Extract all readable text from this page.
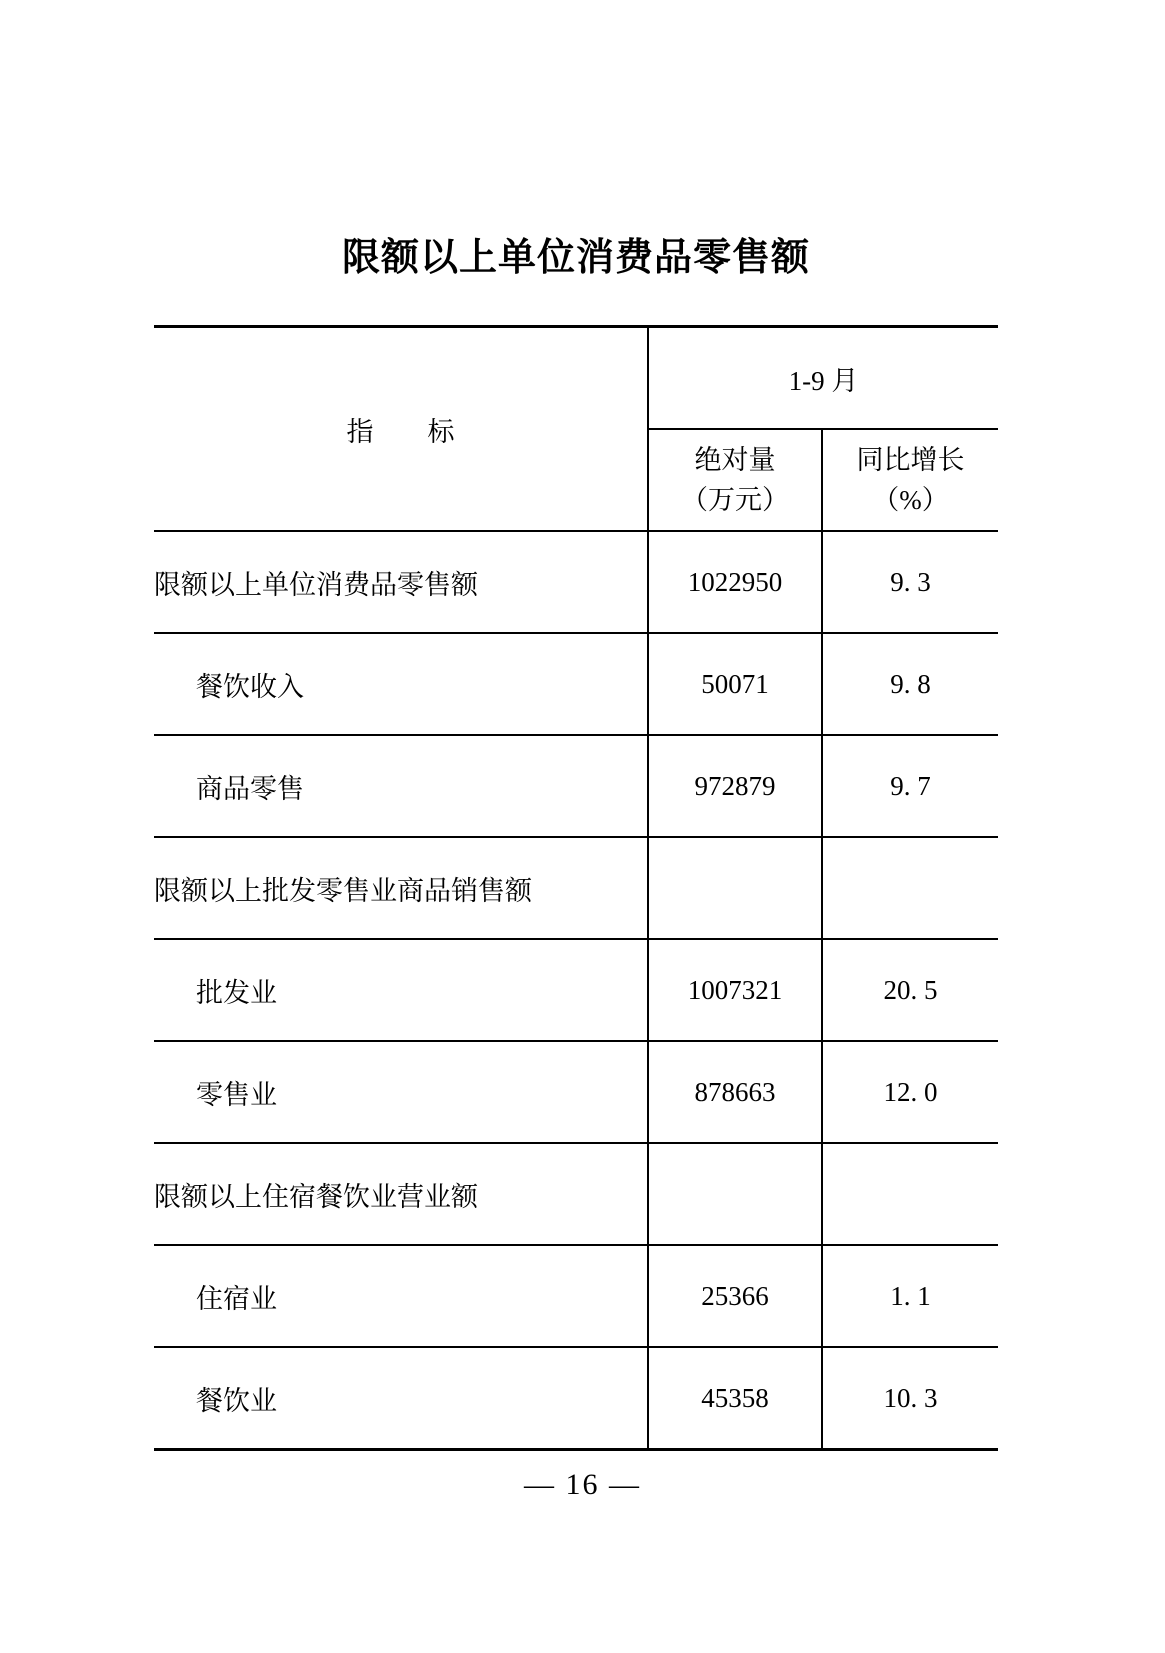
限额以上单位消费品零售额
指　　标	1-9 月	

绝对量
（万元）

同比增长
（%）

限额以上单位消费品零售额	1022950	9. 3
餐饮收入	50071	9. 8
商品零售	972879	9. 7
限额以上批发零售业商品销售额		
批发业	1007321	20. 5
零售业	878663	12. 0
限额以上住宿餐饮业营业额		
住宿业	25366	1. 1
餐饮业	45358	10. 3
— 16 —
